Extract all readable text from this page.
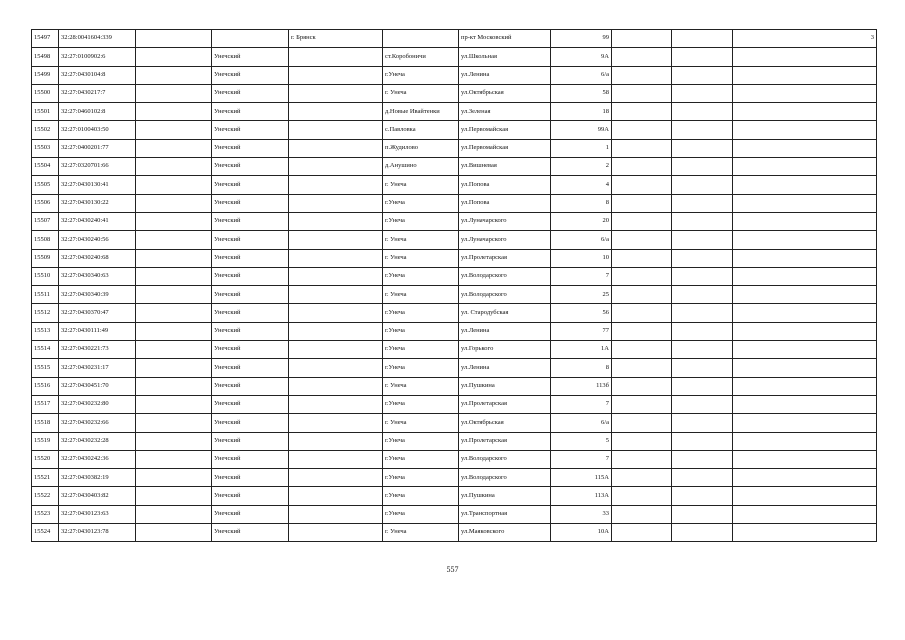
15497	32:28:0041604:339			г. Брянск		пр-кт Московский	99			3
15498	32:27:0100902:6		Унечский		ст.Коробоничи	ул.Школьная	9А			
15499	32:27:0430104:8		Унечский		г.Унеча	ул.Ленина	6/а			
15500	32:27:0430217:7		Унечский		г. Унеча	ул.Октябрьская	58			
15501	32:27:0460102:8		Унечский		д.Новые Ивайтенки	ул.Зеленая	18			
15502	32:27:0100403:50		Унечский		с.Павловка	ул.Первомайская	99А			
15503	32:27:0400201:77		Унечский		п.Жудилово	ул.Первомайская	1			
15504	32:27:0320701:66		Унечский		д.Анушино	ул.Вишневая	2			
15505	32:27:0430130:41		Унечский		г. Унеча	ул.Попова	4			
15506	32:27:0430130:22		Унечский		г.Унеча	ул.Попова	8			
15507	32:27:0430240:41		Унечский		г.Унеча	ул.Луначарского	20			
15508	32:27:0430240:56		Унечский		г. Унеча	ул.Луначарского	6/а			
15509	32:27:0430240:68		Унечский		г. Унеча	ул.Пролетарская	10			
15510	32:27:0430340:63		Унечский		г.Унеча	ул.Володарского	7			
15511	32:27:0430340:39		Унечский		г. Унеча	ул.Володарского	25			
15512	32:27:0430370:47		Унечский		г.Унеча	ул. Стародубская	56			
15513	32:27:0430111:49		Унечский		г.Унеча	ул.Ленина	77			
15514	32:27:0430221:73		Унечский		г.Унеча	ул.Горького	1А			
15515	32:27:0430231:17		Унечский		г.Унеча	ул.Ленина	8			
15516	32:27:0430451:70		Унечский		г. Унеча	ул.Пушкина	113б			
15517	32:27:0430232:80		Унечский		г.Унеча	ул.Пролетарская	7			
15518	32:27:0430232:66		Унечский		г. Унеча	ул.Октябрьская	6/а			
15519	32:27:0430232:28		Унечский		г.Унеча	ул.Пролетарская	5			
15520	32:27:0430242:36		Унечский		г.Унеча	ул.Володарского	7			
15521	32:27:0430382:19		Унечский		г.Унеча	ул.Володарского	115А			
15522	32:27:0430403:82		Унечский		г.Унеча	ул.Пушкина	113А			
15523	32:27:0430123:63		Унечский		г.Унеча	ул.Транспортная	33			
15524	32:27:0430123:78		Унечский		г. Унеча	ул.Маяковского	10А			
557
